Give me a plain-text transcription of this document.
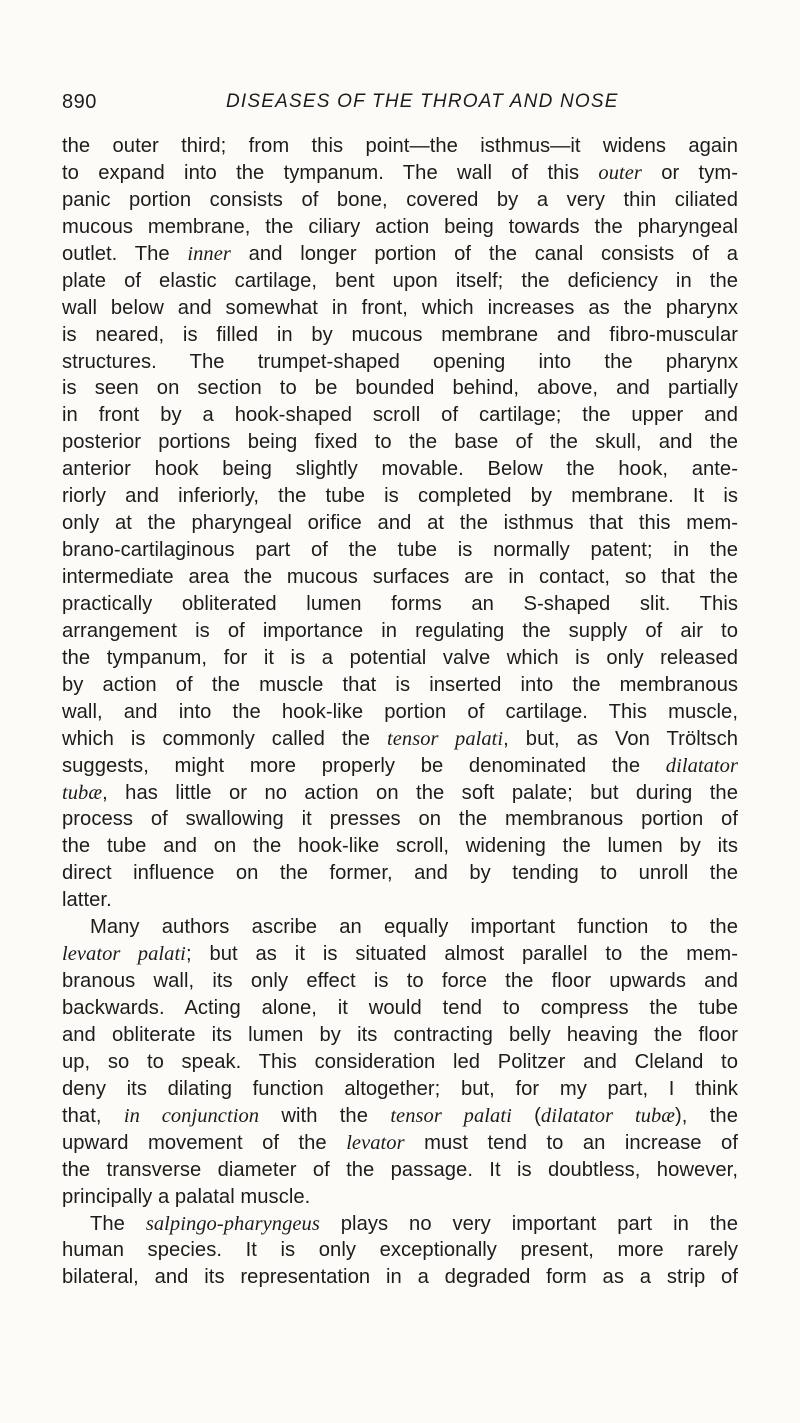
890	DISEASES OF THE THROAT AND NOSE
the outer third; from this point—the isthmus—it widens again
to expand into the tympanum. The wall of this outer or tym-
panic portion consists of bone, covered by a very thin ciliated
mucous membrane, the ciliary action being towards the pharyngeal
outlet. The inner and longer portion of the canal consists of a
plate of elastic cartilage, bent upon itself; the deficiency in the
wall below and somewhat in front, which increases as the pharynx
is neared, is filled in by mucous membrane and fibro-muscular
structures. The trumpet-shaped opening into the pharynx
is seen on section to be bounded behind, above, and partially
in front by a hook-shaped scroll of cartilage; the upper and
posterior portions being fixed to the base of the skull, and the
anterior hook being slightly movable. Below the hook, ante-
riorly and inferiorly, the tube is completed by membrane. It is
only at the pharyngeal orifice and at the isthmus that this mem-
brano-cartilaginous part of the tube is normally patent; in the
intermediate area the mucous surfaces are in contact, so that the
practically obliterated lumen forms an S-shaped slit. This
arrangement is of importance in regulating the supply of air to
the tympanum, for it is a potential valve which is only released
by action of the muscle that is inserted into the membranous
wall, and into the hook-like portion of cartilage. This muscle,
which is commonly called the tensor palati, but, as Von Tröltsch
suggests, might more properly be denominated the dilatator
tubæ, has little or no action on the soft palate; but during the
process of swallowing it presses on the membranous portion of
the tube and on the hook-like scroll, widening the lumen by its
direct influence on the former, and by tending to unroll the
latter.
Many authors ascribe an equally important function to the
levator palati; but as it is situated almost parallel to the mem-
branous wall, its only effect is to force the floor upwards and
backwards. Acting alone, it would tend to compress the tube
and obliterate its lumen by its contracting belly heaving the floor
up, so to speak. This consideration led Politzer and Cleland to
deny its dilating function altogether; but, for my part, I think
that, in conjunction with the tensor palati (dilatator tubæ), the
upward movement of the levator must tend to an increase of
the transverse diameter of the passage. It is doubtless, however,
principally a palatal muscle.
The salpingo-pharyngeus plays no very important part in the
human species. It is only exceptionally present, more rarely
bilateral, and its representation in a degraded form as a strip of
